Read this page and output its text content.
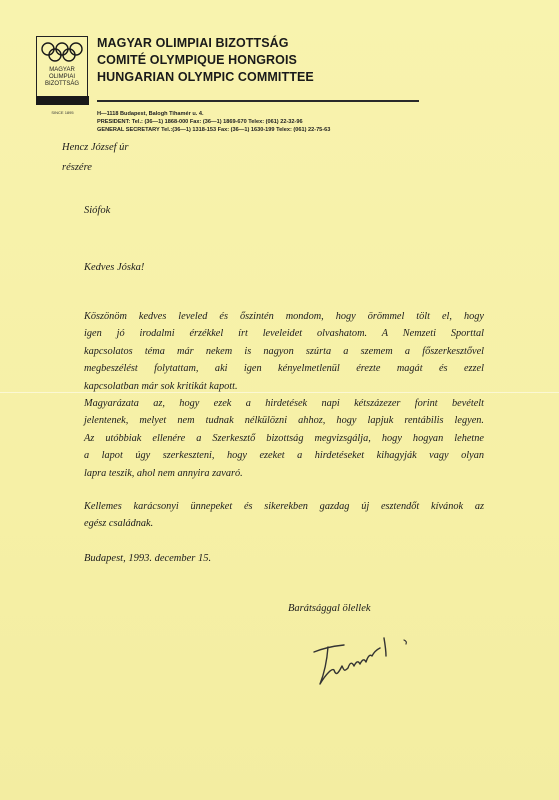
MAGYAR
OLIMPIAI
BIZOTTSÁG
SINCE 1895
MAGYAR OLIMPIAI BIZOTTSÁG
COMITÉ OLYMPIQUE HONGROIS
HUNGARIAN OLYMPIC COMMITTEE
H—1118 Budapest, Balogh Tihamér u. 4.
PRESIDENT: Tel.: (36—1) 1868-000 Fax: (36—1) 1869-670 Telex: (061) 22-32-96
GENERAL SECRETARY Tel.:(36—1) 1318-153 Fax: (36—1) 1630-199 Telex: (061) 22-75-63
Hencz József úr
részére
Siófok
Kedves Jóska!
Köszönöm kedves leveled és őszintén mondom, hogy örömmel tölt el, hogy
igen jó irodalmi érzékkel írt leveleidet olvashatom. A Nemzeti Sporttal
kapcsolatos téma már nekem is nagyon szúrta a szemem a főszerkesztővel
megbeszélést folytattam, aki igen kényelmetlenül érezte magát és ezzel
kapcsolatban már sok kritikát kapott.
Magyarázata az, hogy ezek a hirdetések napi kétszázezer forint bevételt
jelentenek, melyet nem tudnak nélkülözni ahhoz, hogy lapjuk rentábilis legyen.
Az utóbbiak ellenére a Szerkesztő bizottság megvizsgálja, hogy hogyan lehetne
a lapot úgy szerkeszteni, hogy ezeket a hirdetéseket kihagyják vagy olyan
lapra teszik, ahol nem annyira zavaró.
Kellemes karácsonyi ünnepeket és sikerekben gazdag új esztendőt kívánok az
egész családnak.
Budapest, 1993. december 15.
Barátsággal ölellek
